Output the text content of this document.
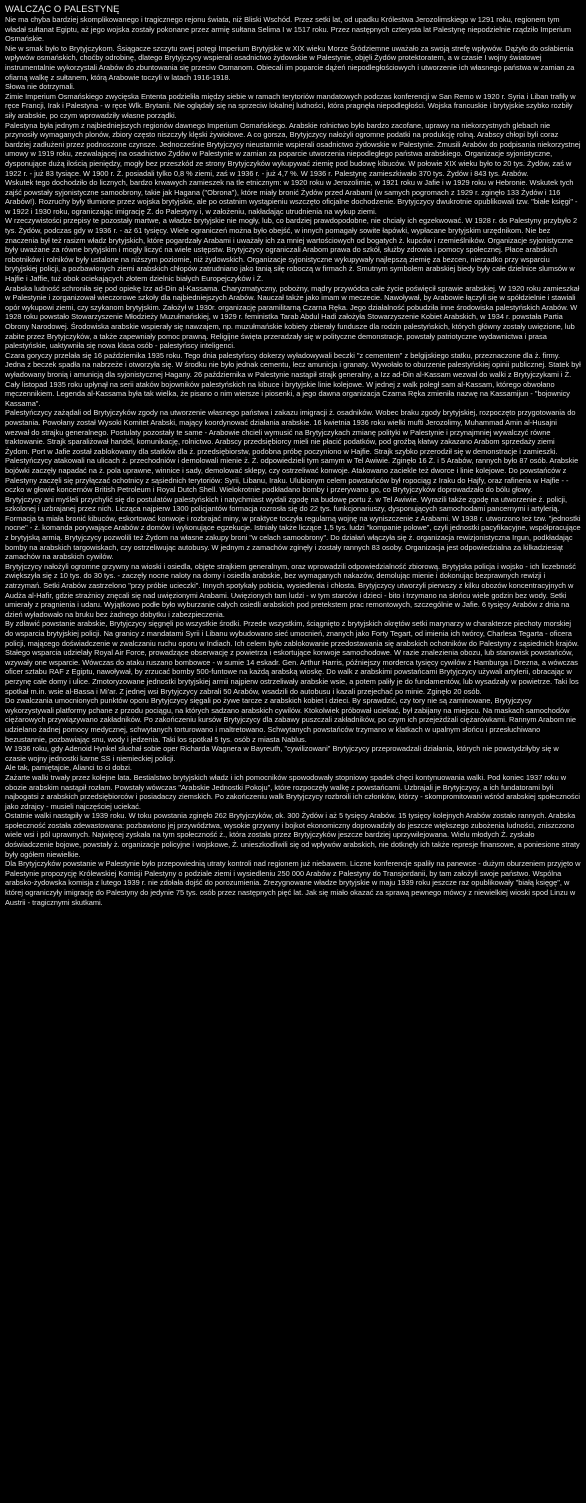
WALCZĄC O PALESTYNĘ

Nie ma chyba bardziej skomplikowanego i tragicznego rejonu świata, niż Bliski Wschód. Przez setki lat, od upadku Królestwa Jerozolimskiego w 1291 roku, regionem tym władał sułtanat Egiptu, aż jego wojska zostały pokonane przez armię sułtana Selima I w 1517 roku. Przez następnych czterysta lat Palestynę niepodzielnie rządziło Imperium Osmańskie.

Nie w smak było to Brytyjczykom. Śsiągacze szczytu swej potęgi Imperium Brytyjskie w XIX wieku Morze Śródziemne uważało za swoją strefę wpływów. Dążyło do osłabienia wpływów osmańskich, choćby odrobinę, dlatego Brytyjczycy wspierali osadnictwo żydowskie w Palestynie, objęli Żydów protektoratem, a w czasie I wojny światowej instrumentalnie wykorzystali Arabów do zbuntowania się przeciw Osmanom. Obiecali im poparcie dążeń niepodległościowych i utworzenie ich własnego państwa w zamian za ofiarną walkę z sułtanem, którą Arabowie toczyli w latach 1916-1918.

Słowa nie dotrzymali.

Zimie Imperium Osmańskiego zwycięska Ententa podzieliła między siebie w ramach terytoriów mandatowych podczas konferencji w San Remo w 1920 r. Syria i Liban trafiły w ręce Francji, Irak i Palestyna - w ręce Wlk. Brytanii. Nie oglądały się na sprzeciw lokalnej ludności, która pragnęła niepodległości. Wojska francuskie i brytyjskie szybko rozbiły siły arabskie, po czym wprowadziły własne porządki.

Palestyna była jednym z najbiedniejszych regionów dawnego Imperium Osmańskiego. Arabskie rolnictwo było bardzo zacofane, uprawy na niekorzystnych glebach nie przynosiły wymaganych plonów, zbiory często niszczyły klęski żywiołowe. A co gorsza, Brytyjczycy nałożyli ogromne podatki na produkcję rolną. Arabscy chłopi byli coraz bardziej zadłużeni przez podnoszone czynsze. Jednocześnie Brytyjczycy nieustannie wspierali osadnictwo żydowskie w Palestynie. Zmusili Arabów do podpisania niekorzystnej umowy w 1919 roku, zezwalającej na osadnictwo Żydów w Palestynie w zamian za poparcie utworzenia niepodległego państwa arabskiego. Organizacje syjonistyczne, dysponujące dużą ilością pieniędzy, mogły bez przeszkód ze strony Brytyjczyków wykupywać ziemię pod budowę kibuców. W połowie XIX wieku było to 20 tys. Żydów, zaś w 1922 r. - już 83 tysiące. W 1900 r. Ż. posiadali tylko 0,8 % ziemi, zaś w 1936 r. - już 4,7 %. W 1936 r. Palestynę zamieszkiwało 370 tys. Żydów i 843 tys. Arabów.

Wskutek tego dochodziło do licznych, bardzo krwawych zamieszek na tle etnicznym: w 1920 roku w Jerozolimie, w 1921 roku w Jafie i w 1929 roku w Hebronie. Wskutek tych zajść powstały syjonistyczne samoobrony, takie jak Hagana ("Obrona"), które miały bronić Żydów przed Arabami (w samych pogromach z 1929 r. zginęło 133 Żydów i 116 Arabów!). Rozruchy były tłumione przez wojska brytyjskie, ale po ostatnim wystąpieniu wszczęto oficjalne dochodzenie. Brytyjczycy dwukrotnie opublikowali tzw. "białe księgi" - w 1922 i 1930 roku, ograniczając imigrację Ż. do Palestyny i, w założeniu, nakładając utrudnienia na wykup ziemi.

W rzeczywistości przepisy te pozostały martwe, a władze brytyjskie nie mogły, lub, co bardziej prawdopodobne, nie chciały ich egzekwować. W 1928 r. do Palestyny przybyło 2 tys. Żydów, podczas gdy w 1936 r. - aż 61 tysięcy. Wiele ograniczeń można było obejść, w innych pomagały sowite łapówki, wypłacane brytyjskim urzędnikom. Nie bez znaczenia był też rasizm władz brytyjskich, które pogardzały Arabami i uważały ich za mniej wartościowych od bogatych ż. kupców i rzemieślników. Organizacje syjonistyczne były uważane za równe brytyjskim i mogły liczyć na wiele ustępstw. Brytyjczycy ograniczali Arabom prawa do szkół, służby zdrowia i pomocy społecznej. Płace arabskich robotników i rolników były ustalone na niższym poziomie, niż żydowskich. Organizacje syjonistyczne wykupywały najlepszą ziemię za bezcen, nierzadko przy wsparciu brytyjskiej policji, a pozbawionych ziemi arabskich chłopów zatrudniano jako tanią siłę roboczą w firmach ż. Smutnym symbolem arabskiej biedy były całe dzielnice slumsów w Hajfie i Jaffie, tuż obok ociekających złotem dzielnic białych Europejczyków i Ż.

Arabska ludność schroniła się pod opiekę Izz ad-Din al-Kassama. Charyzmatyczny, pobożny, mądry przywódca całe życie poświęcił sprawie arabskiej. W 1920 roku zamieszkał w Palestynie i zorganizował wieczorowe szkoły dla najbiedniejszych Arabów. Nauczał także jako imam w meczecie. Nawoływał, by Arabowie łączyli się w spółdzielnie i stawiali opór wykupowi ziemi, czy szykanom brytyjskim. Założył w 1930r. organizację paramilitarną Czarna Ręka. Jego działalność pobudziła inne środowiska palestyńskich Arabów. W 1928 roku powstało Stowarzyszenie Młodzieży Muzułmańskiej, w 1929 r. feministka Tarab Abdul Hadi założyła Stowarzyszenie Kobiet Arabskich, w 1934 r. powstała Partia Obrony Narodowej. Środowiska arabskie wspierały się nawzajem, np. muzułmańskie kobiety zbierały fundusze dla rodzin palestyńskich, których główny zostały uwięzione, lub zabite przez Brytyjczyków, a także zapewniały pomoc prawną. Religijne święta przeradzały się w polityczne demonstracje, powstały patriotyczne wydawnictwa i prasa palestyńskie, uaktywniła się nowa klasa osób - palestyńscy inteligenci.

Czara goryczy przelała się 16 października 1935 roku. Tego dnia palestyńscy dokerzy wyładowywali beczki "z cementem" z belgijskiego statku, przeznaczone dla ż. firmy. Jedna z beczek spadła na nabrzeże i otworzyła się. W środku nie było jednak cementu, lecz amunicja i granaty. Wywołało to oburzenie palestyńskiej opinii publicznej. Statek był wyładowany bronią i amunicją dla syjonistycznej Hagany. 26 października w Palestynie nastąpił strajk generalny, a Izz ad-Din al-Kassam wezwał do walki z Brytyjczykami i Ż. Cały listopad 1935 roku upłynął na serii ataków bojowników palestyńskich na kibuce i brytyjskie linie kolejowe. W jednej z walk poległ sam al-Kassam, którego obwołano męczennikiem. Legenda al-Kassama była tak wielka, że pisano o nim wiersze i piosenki, a jego dawna organizacja Czarna Ręka zmieniła nazwę na Kassamijun - "bojownicy Kassama".

Palestyńczycy zażądali od Brytyjczyków zgody na utworzenie własnego państwa i zakazu imigracji ż. osadników. Wobec braku zgody brytyjskiej, rozpoczęto przygotowania do powstania. Powołany został Wysoki Komitet Arabski, mający koordynować działania arabskie. 16 kwietnia 1936 roku wielki mufti Jerozolimy, Muhammad Amin al-Husajni wezwał do strajku generalnego. Postulaty pozostały te same - Arabowie chcieli wymusić na Brytyjczykach zmianę polityki w Palestynie i przynajmniej wywalczyć równe traktowanie. Strajk sparaliżował handel, komunikację, rolnictwo. Arabscy przedsiębiorcy mieli nie płacić podatków, pod groźbą kłatwy zakazano Arabom sprzedaży ziemi Żydom. Port w Jafie został zablokowany dla statków dla ż. przedsiębiorstw, podobna próbę poczyniono w Hajfie. Strajk szybko przerodził się w demonstracje i zamieszki. Palestyńczycy atakowali na ulicach ż. przechodniów i demolowali mienie ż. Ż. odpowiedzieli tym samym w Tel Awiwie. Zginęło 16 Ż. i 5 Arabów, rannych było 87 osób. Arabskie bojówki zaczęły napadać na ż. pola uprawne, winnice i sady, demolować sklepy, czy ostrzeliwać konwoje. Atakowano zaciekle też dworce i linie kolejowe. Do powstańców z Palestyny zaczęli się przyłączać ochotnicy z sąsiednich terytoriów: Syrii, Libanu, Iraku. Ulubionym celem powstańców był ropociąg z Iraku do Hajfy, oraz rafineria w Hajfie - - oczko w głowie koncernów British Petroleum i Royal Dutch Shell. Wielokrotnie podkładano bomby i przerywano go, co Brytyjczyków doprowadzało do bólu głowy.

Brytyjczycy ani myśleli przychylić się do postulatów palestyńskich i natychmiast wydali zgodę na budowę portu ż. w Tel Awiwie. Wyrazili także zgodę na utworzenie ż. policji, szkolonej i uzbrajanej przez nich. Licząca najpierw 1300 policjantów formacja rozrosła się do 22 tys. funkcjonariuszy, dysponujących samochodami pancernymi i artylerią. Formacja ta miała bronić kibuców, eskortować konwoje i rozbrajać miny, w praktyce toczyła regularną wojnę na wyniszczenie z Arabami. W 1938 r. utworzono też tzw. "jednostki nocne" - ż. komanda porywające Arabów z domów i wykonujące egzekucje. Istniały także liczące 1,5 tys. ludzi "kompanie polowe", czyli jednostki pacyfikacyjne, współpracujące z brytyjską armią. Brytyjczycy pozwolili też Żydom na własne zakupy broni "w celach samoobrony". Do działań włączyła się ż. organizacja rewizjonistyczna Irgun, podkładając bomby na arabskich targowiskach, czy ostrzeliwując autobusy. W jednym z zamachów zginęły i zostały rannych 83 osoby. Organizacja jest odpowiedzialna za kilkadziesiąt zamachów na arabskich cywilów.

Brytyjczycy nałożyli ogromne grzywny na wioski i osiedla, objęte strajkiem generalnym, oraz wprowadzili odpowiedzialność zbiorową. Brytyjska policja i wojsko - ich liczebność zwiększyła się z 10 tys. do 30 tys. - zaczęły nocne naloty na domy i osiedla arabskie, bez wymaganych nakazów, demolując mienie i dokonując bezprawnych rewizji i zatrzymań. Setki Arabów zastrzelono "przy próbie ucieczki". Innych spotykały pobicia, wysiedlenia i chłosta. Brytyjczycy utworzyli pierwszy z kilku obozów koncentracyjnych w Audża al-Hafir, gdzie strażnicy znęcali się nad uwięzionymi Arabami. Uwięzionych tam ludzi - w tym starców i dzieci - bito i trzymano na słońcu wiele godzin bez wody. Setki umierały z pragnienia i udaru. Wyjątkowo podłe było wyburzanie całych osiedli arabskich pod pretekstem prac remontowych, szczególnie w Jafie. 6 tysięcy Arabów z dnia na dzień wyładowało na bruku bez żadnego dobytku i zabezpieczenia.

By zdławić powstanie arabskie, Brytyjczycy sięgnęli po wszystkie środki. Przede wszystkim, ściągnięto z brytyjskich okrętów setki marynarzy w charakterze piechoty morskiej do wsparcia brytyjskiej policji. Na granicy z mandatami Syrii i Libanu wybudowano sieć umocnień, znanych jako Forty Tegart, od imienia ich twórcy, Charlesa Tegarta - oficera policji, mającego doświadczenie w zwalczaniu ruchu oporu w Indiach. Ich celem było zablokowanie przedostawania się arabskich ochotników do Palestyny z sąsiednich krajów. Stałego wsparcia udzielały Royal Air Force, prowadzące obserwację z powietrza i eskortujące konwoje samochodowe. W razie znalezienia obozu, lub stanowisk powstańców, wzywały one wsparcie. Wówczas do ataku ruszano bombowce - w sumie 14 eskadr. Gen. Arthur Harris, późniejszy morderca tysięcy cywilów z Hamburga i Drezna, a wówczas oficer sztabu RAF z Egiptu, nawoływał, by zrzucać bomby 500-funtowe na każdą arabską wioskę. Do walk z arabskimi powstańcami Brytyjczycy używali artylerii, obracając w perzynę całe domy i ulice. Zmotoryzowane jednostki brytyjskiej armii najpierw ostrzeliwały arabskie wsie, a potem paliły je do fundamentów, lub wysadzały w powietrze. Taki los spotkał m.in. wsie al-Bassa i Mi'ar. Z jednej wsi Brytyjczycy zabrali 50 Arabów, wsadzili do autobusu i kazali przejechać po minie. Zginęło 20 osób.

Do zwalczania umocnionych punktów oporu Brytyjczycy sięgali po żywe tarcze z arabskich kobiet i dzieci. By sprawdzić, czy tory nie są zaminowane, Brytyjczycy wykorzystywali platformy pchane z przodu pociągu, na których sadzano arabskich cywilów. Ktokolwiek próbował uciekać, był zabijany na miejscu. Na maskach samochodów ciężarowych przywiązywano zakładników. Po zakończeniu kursów Brytyjczycy dla zabawy puszczali zakładników, po czym ich przejeżdżali ciężarówkami. Rannym Arabom nie udzielano żadnej pomocy medycznej, schwytanych torturowano i maltretowano. Schwytanych powstańców trzymano w klatkach w upalnym słońcu i przesłuchiwano bezustannie, pozbawiając snu, wody i jedzenia. Taki los spotkał 5 tys. osób z miasta Nablus.

W 1936 roku, gdy Adenoid Hynkel słuchał sobie oper Richarda Wagnera w Bayreuth, "cywilizowani" Brytyjczycy przeprowadzali działania, których nie powstydziłyby się w czasie wojny jednostki karne SS i niemieckiej policji.

Ale tak, pamiętajcie, Alianci to ci dobzi.

Zażarte walki trwały przez kolejne lata. Bestialstwo brytyjskich władz i ich pomocników spowodowały stopniowy spadek chęci kontynuowania walki. Pod koniec 1937 roku w obozie arabskim nastąpił rozłam. Powstały wówczas "Arabskie Jednostki Pokoju", które rozpoczęły walkę z powstańcami. Uzbrajali je Brytyjczycy, a ich fundatorami byli najbogatsi z arabskich przedsiębiorców i posiadaczy ziemskich. Po zakończeniu walk Brytyjczycy rozbroili ich członków, którzy - skompromitowani wśród arabskiej społeczności jako zdrajcy - musieli najczęściej uciekać.

Ostatnie walki nastąpiły w 1939 roku. W toku powstania zginęło 262 Brytyjczyków, ok. 300 Żydów i aż 5 tysięcy Arabów. 15 tysięcy kolejnych Arabów zostało rannych. Arabska społeczność została zdewastowana: pozbawiono jej przywództwa, wysokie grzywny i bojkot ekonomiczny doprowadziły do jeszcze większego zubożenia ludności, zniszczono wiele wsi i pól uprawnych. Najwięcej zyskała na tym społeczność ż., która została przez Brytyjczyków jeszcze bardziej uprzywilejowana. Wielu młodych Ż. zyskało doświadczenie bojowe, powstały ż. organizacje policyjne i wojskowe, Ż. unieszkodliwili się od wpływów arabskich, nie dotknęły ich także represje finansowe, a poniesione straty były ogółem niewielkie.

Dla Brytyjczyków powstanie w Palestynie było przepowiednią utraty kontroli nad regionem już niebawem. Liczne konferencje spaliły na panewce - dużym oburzeniem przyjęto w Palestynie propozycję Królewskiej Komisji Palestyny o podziale ziemi i wysiedleniu 250 000 Arabów z Palestyny do Transjordanii, by tam założyli swoje państwo. Wspólna arabsko-żydowska komisja z lutego 1939 r. nie zdołała dojść do porozumienia. Zrezygnowane władze brytyjskie w maju 1939 roku jeszcze raz opublikowały "białą księgę", w której ograniczyły imigrację do Palestyny do jedynie 75 tys. osób przez następnych pięć lat. Jak się miało okazać za sprawą pewnego mówcy z niewielkiej wioski spod Linzu w Austrii - tragicznymi skutkami.
